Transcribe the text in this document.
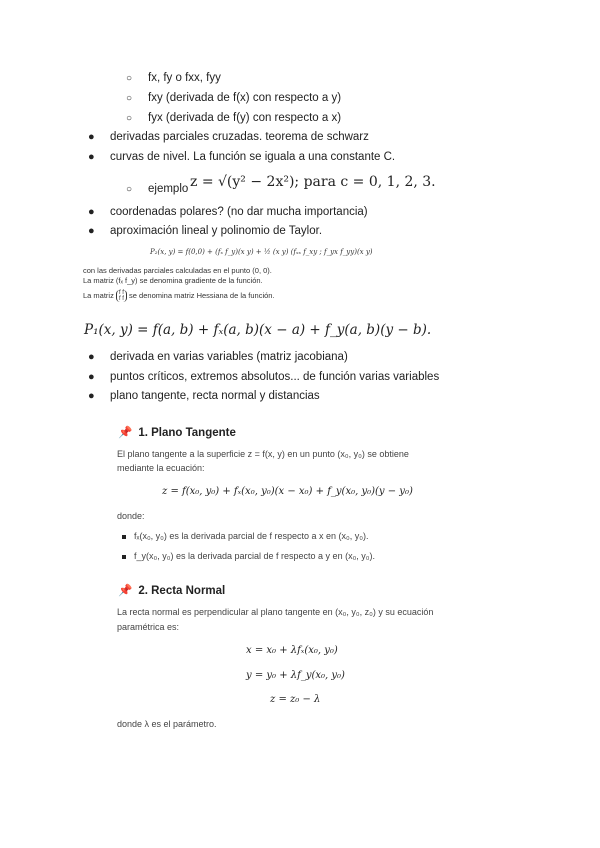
○ fx, fy o fxx, fyy
○ fxy (derivada de f(x) con respecto a y)
○ fyx (derivada de f(y) con respecto a x)
● derivadas parciales cruzadas. teorema de schwarz
● curvas de nivel. La función se iguala a una constante C.
○ ejemplo z = √(y² − 2x²); para c = 0, 1, 2, 3.
● coordenadas polares? (no dar mucha importancia)
● aproximación lineal y polinomio de Taylor.
P₂(x, y) = f(0,0) + (fₓ f_y)(x y) + ½ (x y) (fₓₓ f_xy ; f_yx f_yy)(x y)
con las derivadas parciales calculadas en el punto (0, 0).
La matriz (fₓ f_y) se denomina gradiente de la función.
La matriz f f
f f se denomina matriz Hessiana de la función.
P₁(x, y) = f(a, b) + fₓ(a, b)(x − a) + f_y(a, b)(y − b).
● derivada en varias variables (matriz jacobiana)
● puntos críticos, extremos absolutos... de función varias variables
● plano tangente, recta normal y distancias
📌 1. Plano Tangente
El plano tangente a la superficie z = f(x, y) en un punto (x₀, y₀) se obtiene
mediante la ecuación:
z = f(x₀, y₀) + fₓ(x₀, y₀)(x − x₀) + f_y(x₀, y₀)(y − y₀)
donde:
fₓ(x₀, y₀) es la derivada parcial de f respecto a x en (x₀, y₀).
f_y(x₀, y₀) es la derivada parcial de f respecto a y en (x₀, y₀).
📌 2. Recta Normal
La recta normal es perpendicular al plano tangente en (x₀, y₀, z₀) y su ecuación
paramétrica es:
x = x₀ + λfₓ(x₀, y₀)
y = y₀ + λf_y(x₀, y₀)
z = z₀ − λ
donde λ es el parámetro.
